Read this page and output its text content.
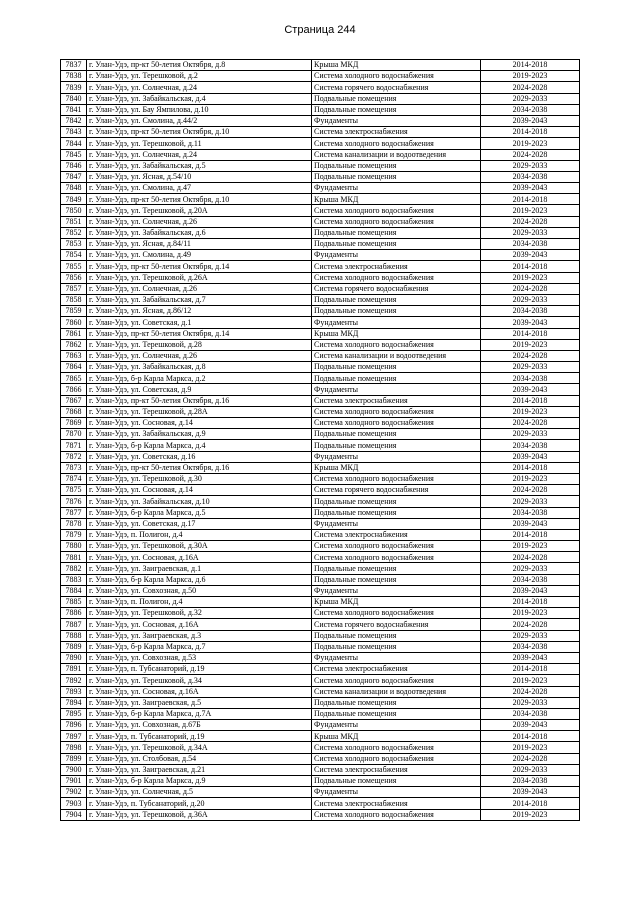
Страница 244
7837	г. Улан-Удэ, пр-кт 50-летия Октября, д.8	Крыша МКД	2014-2018
7838	г. Улан-Удэ, ул. Терешковой, д.2	Система холодного водоснабжения	2019-2023
7839	г. Улан-Удэ, ул. Солнечная, д.24	Система горячего водоснабжения	2024-2028
7840	г. Улан-Удэ, ул. Забайкальская, д.4	Подвальные помещения	2029-2033
7841	г. Улан-Удэ, ул. Бау Ямпилова, д.10	Подвальные помещения	2034-2038
7842	г. Улан-Удэ, ул. Смолина, д.44/2	Фундаменты	2039-2043
7843	г. Улан-Удэ, пр-кт 50-летия Октября, д.10	Система электроснабжения	2014-2018
7844	г. Улан-Удэ, ул. Терешковой, д.11	Система холодного водоснабжения	2019-2023
7845	г. Улан-Удэ, ул. Солнечная, д.24	Система канализации и водоотведения	2024-2028
7846	г. Улан-Удэ, ул. Забайкальская, д.5	Подвальные помещения	2029-2033
7847	г. Улан-Удэ, ул. Ясная, д.54/10	Подвальные помещения	2034-2038
7848	г. Улан-Удэ, ул. Смолина, д.47	Фундаменты	2039-2043
7849	г. Улан-Удэ, пр-кт 50-летия Октября, д.10	Крыша МКД	2014-2018
7850	г. Улан-Удэ, ул. Терешковой, д.20А	Система холодного водоснабжения	2019-2023
7851	г. Улан-Удэ, ул. Солнечная, д.26	Система холодного водоснабжения	2024-2028
7852	г. Улан-Удэ, ул. Забайкальская, д.6	Подвальные помещения	2029-2033
7853	г. Улан-Удэ, ул. Ясная, д.84/11	Подвальные помещения	2034-2038
7854	г. Улан-Удэ, ул. Смолина, д.49	Фундаменты	2039-2043
7855	г. Улан-Удэ, пр-кт 50-летия Октября, д.14	Система электроснабжения	2014-2018
7856	г. Улан-Удэ, ул. Терешковой, д.26А	Система холодного водоснабжения	2019-2023
7857	г. Улан-Удэ, ул. Солнечная, д.26	Система горячего водоснабжения	2024-2028
7858	г. Улан-Удэ, ул. Забайкальская, д.7	Подвальные помещения	2029-2033
7859	г. Улан-Удэ, ул. Ясная, д.86/12	Подвальные помещения	2034-2038
7860	г. Улан-Удэ, ул. Советская, д.1	Фундаменты	2039-2043
7861	г. Улан-Удэ, пр-кт 50-летия Октября, д.14	Крыша МКД	2014-2018
7862	г. Улан-Удэ, ул. Терешковой, д.28	Система холодного водоснабжения	2019-2023
7863	г. Улан-Удэ, ул. Солнечная, д.26	Система канализации и водоотведения	2024-2028
7864	г. Улан-Удэ, ул. Забайкальская, д.8	Подвальные помещения	2029-2033
7865	г. Улан-Удэ, б-р Карла Маркса, д.2	Подвальные помещения	2034-2038
7866	г. Улан-Удэ, ул. Советская, д.9	Фундаменты	2039-2043
7867	г. Улан-Удэ, пр-кт 50-летия Октября, д.16	Система электроснабжения	2014-2018
7868	г. Улан-Удэ, ул. Терешковой, д.28А	Система холодного водоснабжения	2019-2023
7869	г. Улан-Удэ, ул. Сосновая, д.14	Система холодного водоснабжения	2024-2028
7870	г. Улан-Удэ, ул. Забайкальская, д.9	Подвальные помещения	2029-2033
7871	г. Улан-Удэ, б-р Карла Маркса, д.4	Подвальные помещения	2034-2038
7872	г. Улан-Удэ, ул. Советская, д.16	Фундаменты	2039-2043
7873	г. Улан-Удэ, пр-кт 50-летия Октября, д.16	Крыша МКД	2014-2018
7874	г. Улан-Удэ, ул. Терешковой, д.30	Система холодного водоснабжения	2019-2023
7875	г. Улан-Удэ, ул. Сосновая, д.14	Система горячего водоснабжения	2024-2028
7876	г. Улан-Удэ, ул. Забайкальская, д.10	Подвальные помещения	2029-2033
7877	г. Улан-Удэ, б-р Карла Маркса, д.5	Подвальные помещения	2034-2038
7878	г. Улан-Удэ, ул. Советская, д.17	Фундаменты	2039-2043
7879	г. Улан-Удэ, п. Полигон, д.4	Система электроснабжения	2014-2018
7880	г. Улан-Удэ, ул. Терешковой, д.30А	Система холодного водоснабжения	2019-2023
7881	г. Улан-Удэ, ул. Сосновая, д.16А	Система холодного водоснабжения	2024-2028
7882	г. Улан-Удэ, ул. Заиграевская, д.1	Подвальные помещения	2029-2033
7883	г. Улан-Удэ, б-р Карла Маркса, д.6	Подвальные помещения	2034-2038
7884	г. Улан-Удэ, ул. Совхозная, д.50	Фундаменты	2039-2043
7885	г. Улан-Удэ, п. Полигон, д.4	Крыша МКД	2014-2018
7886	г. Улан-Удэ, ул. Терешковой, д.32	Система холодного водоснабжения	2019-2023
7887	г. Улан-Удэ, ул. Сосновая, д.16А	Система горячего водоснабжения	2024-2028
7888	г. Улан-Удэ, ул. Заиграевская, д.3	Подвальные помещения	2029-2033
7889	г. Улан-Удэ, б-р Карла Маркса, д.7	Подвальные помещения	2034-2038
7890	г. Улан-Удэ, ул. Совхозная, д.53	Фундаменты	2039-2043
7891	г. Улан-Удэ, п. Тубсанаторий, д.19	Система электроснабжения	2014-2018
7892	г. Улан-Удэ, ул. Терешковой, д.34	Система холодного водоснабжения	2019-2023
7893	г. Улан-Удэ, ул. Сосновая, д.16А	Система канализации и водоотведения	2024-2028
7894	г. Улан-Удэ, ул. Заиграевская, д.5	Подвальные помещения	2029-2033
7895	г. Улан-Удэ, б-р Карла Маркса, д.7А	Подвальные помещения	2034-2038
7896	г. Улан-Удэ, ул. Совхозная, д.67Б	Фундаменты	2039-2043
7897	г. Улан-Удэ, п. Тубсанаторий, д.19	Крыша МКД	2014-2018
7898	г. Улан-Удэ, ул. Терешковой, д.34А	Система холодного водоснабжения	2019-2023
7899	г. Улан-Удэ, ул. Столбовая, д.54	Система холодного водоснабжения	2024-2028
7900	г. Улан-Удэ, ул. Заиграевская, д.21	Система электроснабжения	2029-2033
7901	г. Улан-Удэ, б-р Карла Маркса, д.9	Подвальные помещения	2034-2038
7902	г. Улан-Удэ, ул. Солнечная, д.5	Фундаменты	2039-2043
7903	г. Улан-Удэ, п. Тубсанаторий, д.20	Система электроснабжения	2014-2018
7904	г. Улан-Удэ, ул. Терешковой, д.36А	Система холодного водоснабжения	2019-2023
